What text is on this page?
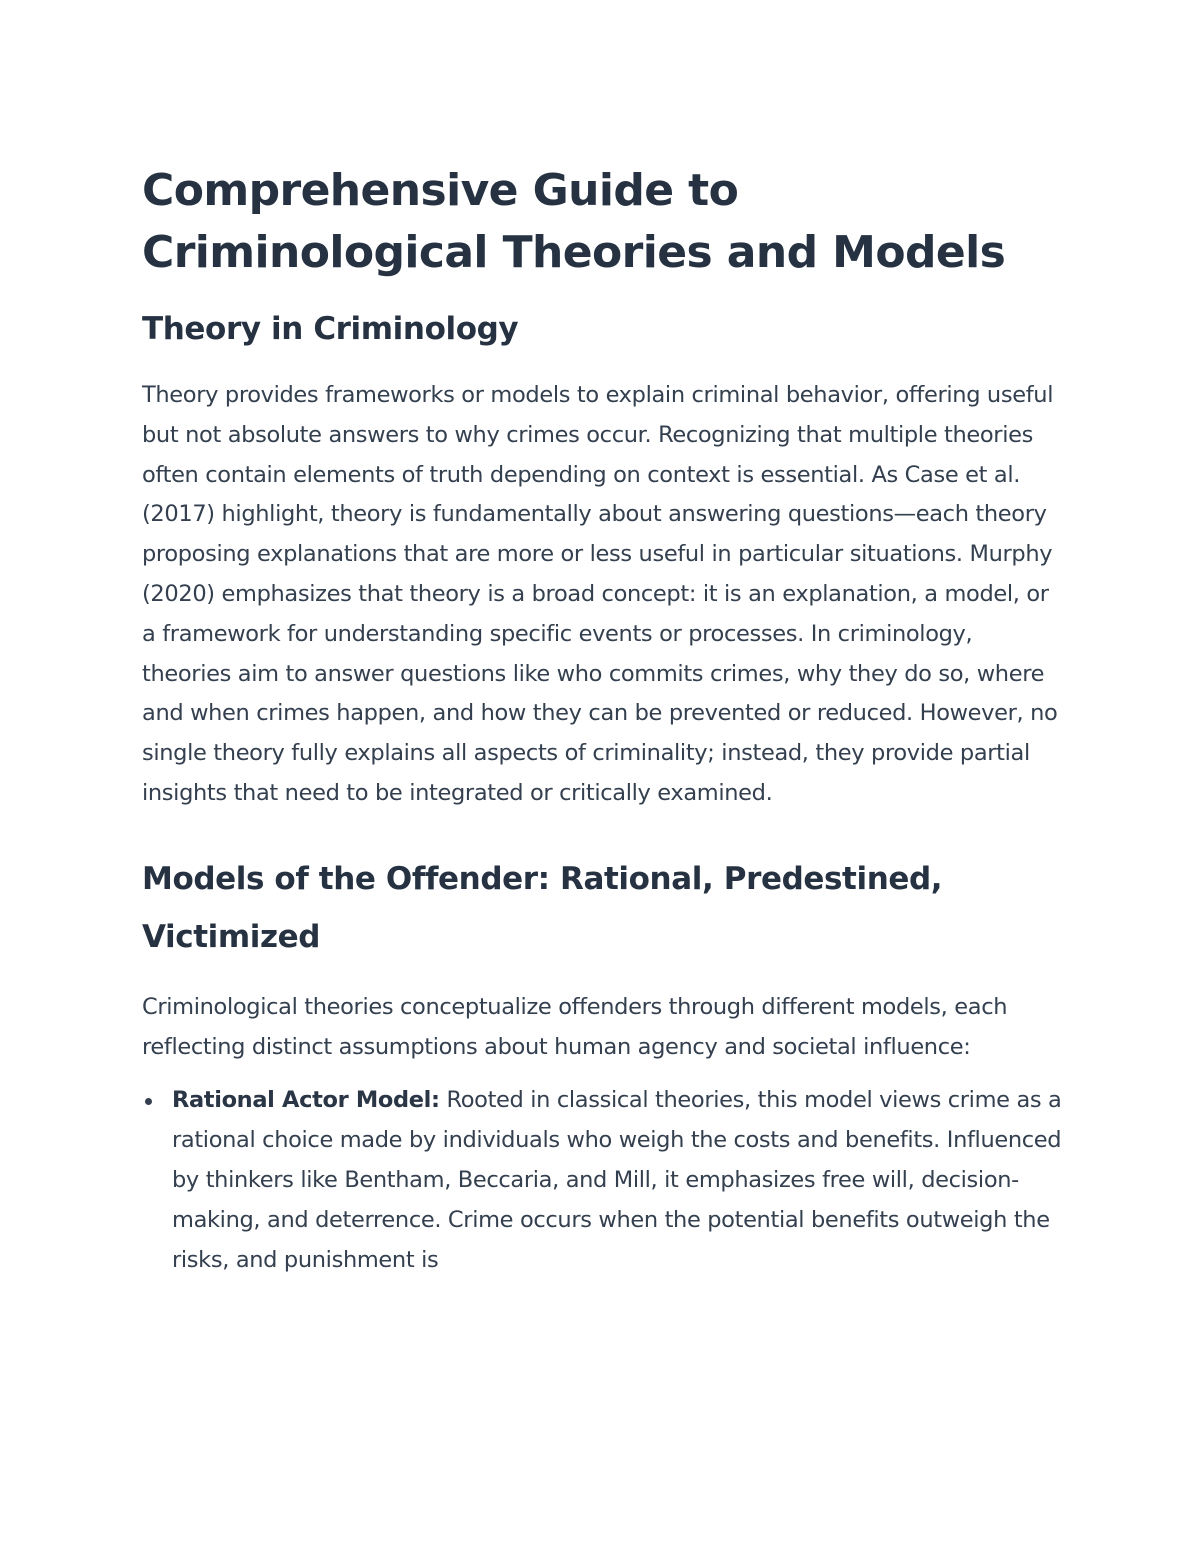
Comprehensive Guide to Criminological Theories and Models
Theory in Criminology

Theory provides frameworks or models to explain criminal behavior, offering useful but not absolute answers to why crimes occur. Recognizing that multiple theories often contain elements of truth depending on context is essential. As Case et al. (2017) highlight, theory is fundamentally about answering questions—each theory proposing explanations that are more or less useful in particular situations. Murphy (2020) emphasizes that theory is a broad concept: it is an explanation, a model, or a framework for understanding specific events or processes. In criminology, theories aim to answer questions like who commits crimes, why they do so, where and when crimes happen, and how they can be prevented or reduced. However, no single theory fully explains all aspects of criminality; instead, they provide partial insights that need to be integrated or critically examined.

Models of the Offender: Rational, Predestined, Victimized

Criminological theories conceptualize offenders through different models, each reflecting distinct assumptions about human agency and societal influence:

Rational Actor Model: Rooted in classical theories, this model views crime as a rational choice made by individuals who weigh the costs and benefits. Influenced by thinkers like Bentham, Beccaria, and Mill, it emphasizes free will, decision-making, and deterrence. Crime occurs when the potential benefits outweigh the risks, and punishment is
